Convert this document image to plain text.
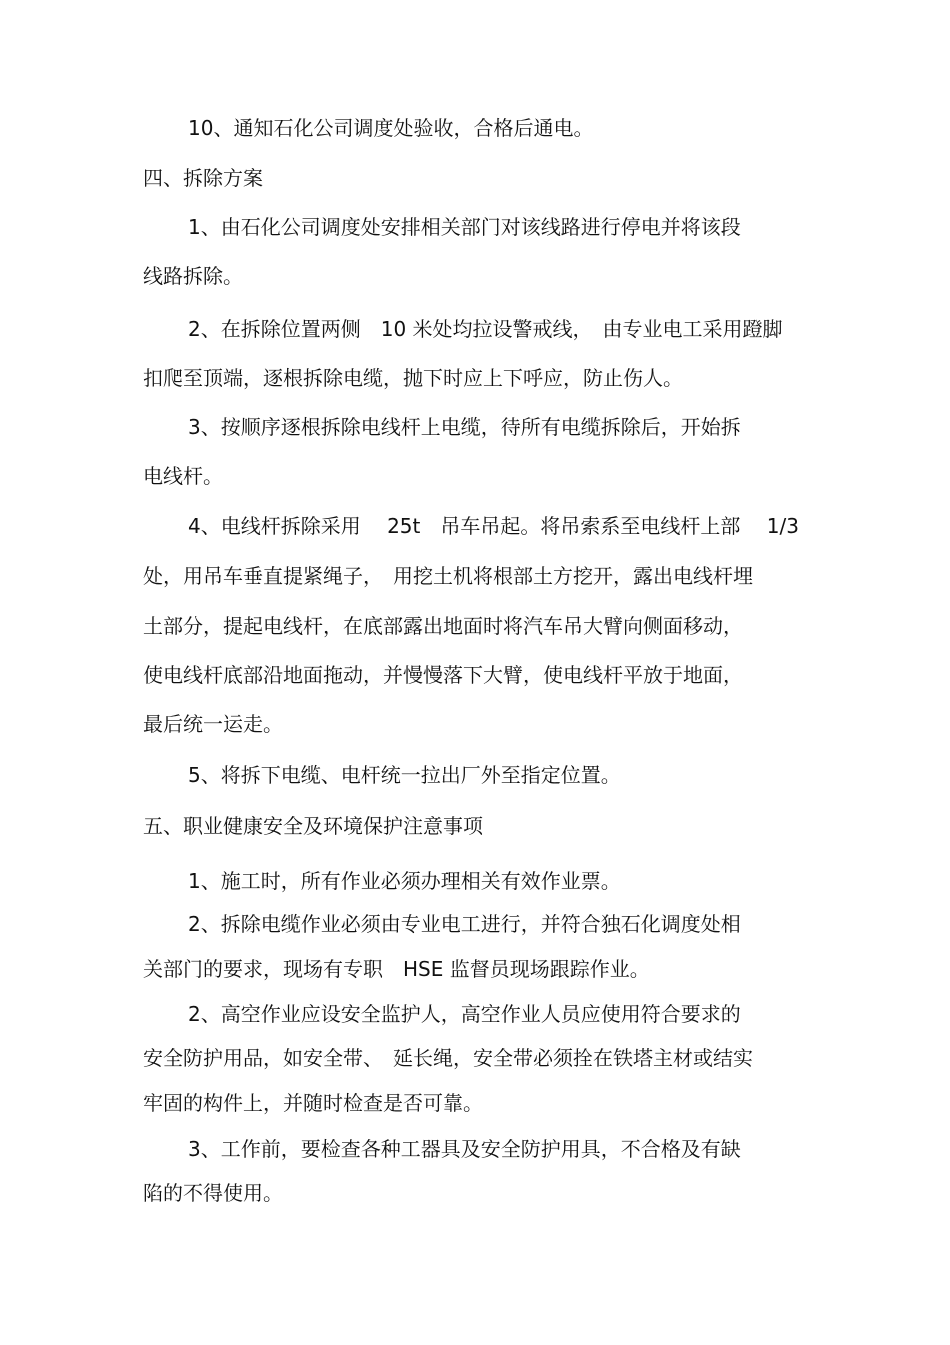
10、通知石化公司调度处验收，合格后通电。
四、拆除方案
1、由石化公司调度处安排相关部门对该线路进行停电并将该段
线路拆除。
2、在拆除位置两侧　10 米处均拉设警戒线，　由专业电工采用蹬脚
扣爬至顶端，逐根拆除电缆，抛下时应上下呼应，防止伤人。
3、按顺序逐根拆除电线杆上电缆，待所有电缆拆除后，开始拆
电线杆。
4、电线杆拆除采用　 25t　吊车吊起。将吊索系至电线杆上部　 1/3
处，用吊车垂直提紧绳子，　用挖土机将根部土方挖开，露出电线杆埋
土部分，提起电线杆，在底部露出地面时将汽车吊大臂向侧面移动，
使电线杆底部沿地面拖动，并慢慢落下大臂，使电线杆平放于地面，
最后统一运走。
5、将拆下电缆、电杆统一拉出厂外至指定位置。
五、职业健康安全及环境保护注意事项
1、施工时，所有作业必须办理相关有效作业票。
2、拆除电缆作业必须由专业电工进行，并符合独石化调度处相
关部门的要求，现场有专职　HSE 监督员现场跟踪作业。
2、高空作业应设安全监护人，高空作业人员应使用符合要求的
安全防护用品，如安全带、　延长绳，安全带必须拴在铁塔主材或结实
牢固的构件上，并随时检查是否可靠。
3、工作前，要检查各种工器具及安全防护用具，不合格及有缺
陷的不得使用。
